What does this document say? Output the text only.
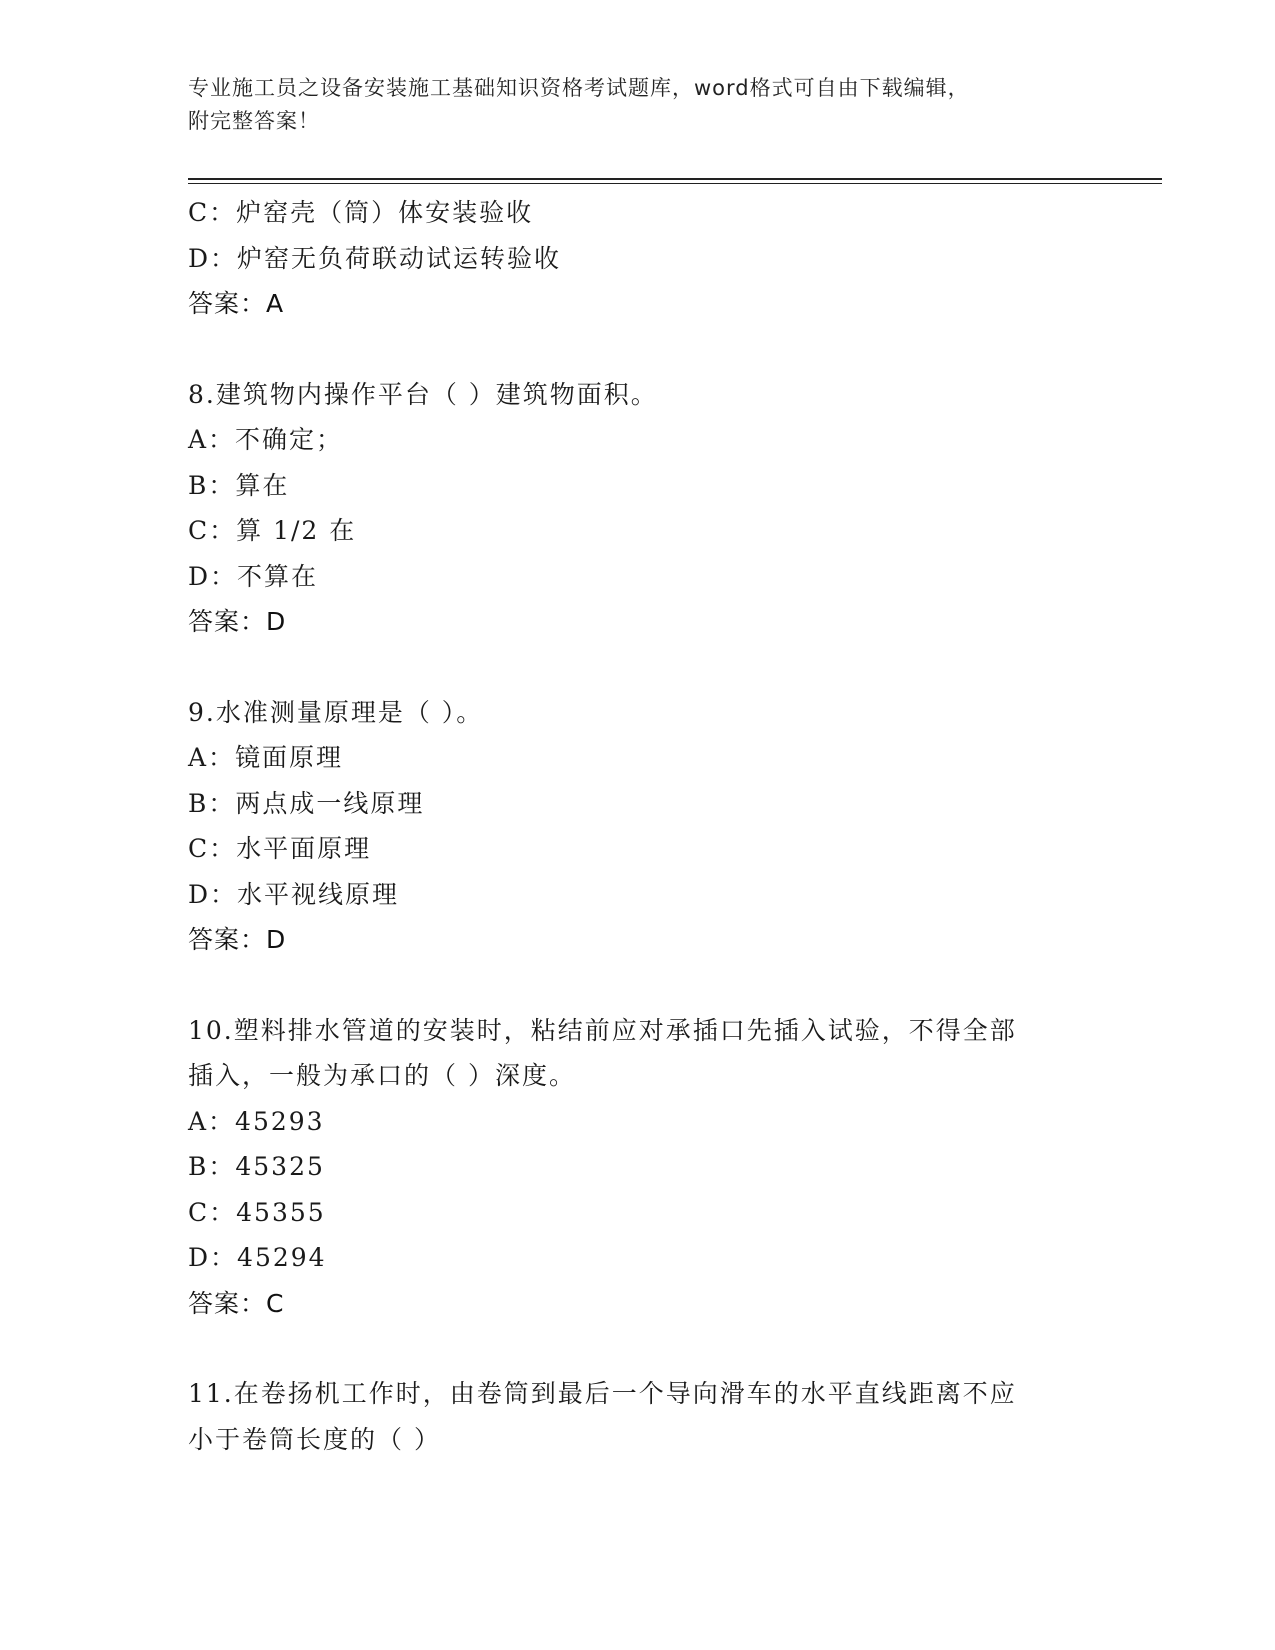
专业施工员之设备安装施工基础知识资格考试题库，word格式可自由下载编辑，
附完整答案！
C：炉窑壳（筒）体安装验收
D：炉窑无负荷联动试运转验收
答案：A
8.建筑物内操作平台（ ）建筑物面积。
A：不确定；
B：算在
C：算 1/2 在
D：不算在
答案：D
9.水准测量原理是（ ）。
A：镜面原理
B：两点成一线原理
C：水平面原理
D：水平视线原理
答案：D
10.塑料排水管道的安装时，粘结前应对承插口先插入试验，不得全部
插入，一般为承口的（ ）深度。
A：45293
B：45325
C：45355
D：45294
答案：C
11.在卷扬机工作时，由卷筒到最后一个导向滑车的水平直线距离不应
小于卷筒长度的（ ）
